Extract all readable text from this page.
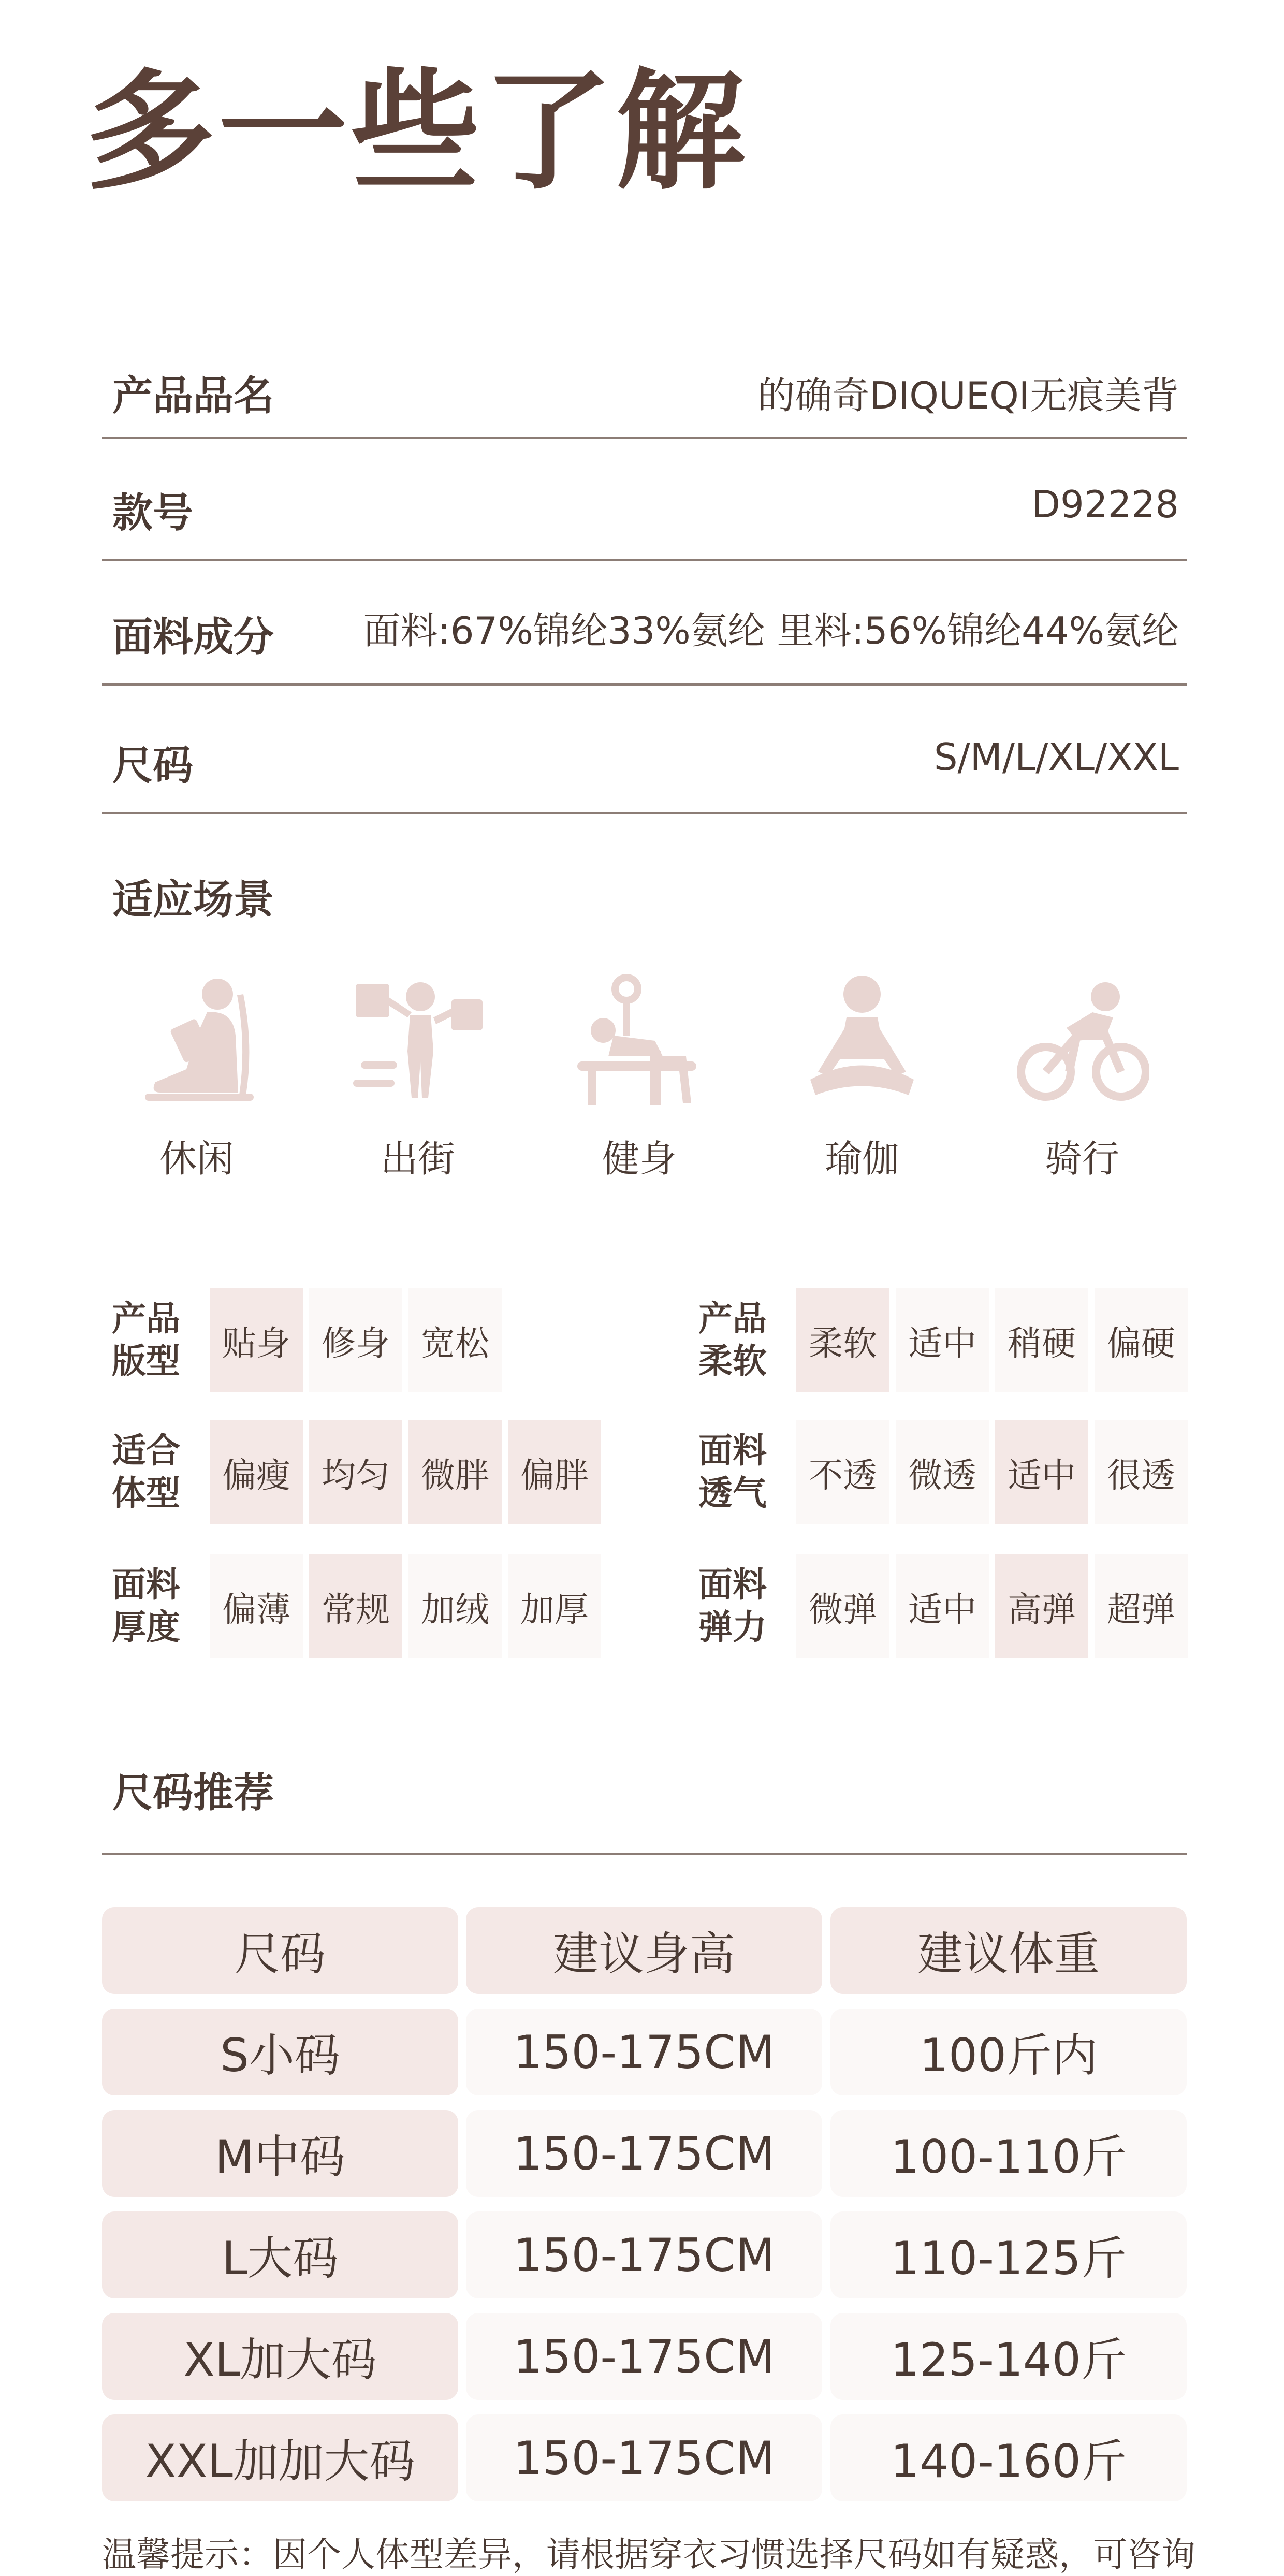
多一些了解
产品品名	的确奇DIQUEQI无痕美背
款号	D92228
面料成分 面料:67%锦纶33%氨纶 里料:56%锦纶44%氨纶
尺码	S/M/L/XL/XXL
适应场景
休闲	出街	健身	瑜伽	骑行
产品
版型	贴身 修身 宽松
产品
柔软	柔软 适中 稍硬 偏硬
适合
体型	偏瘦 均匀 微胖 偏胖
面料
透气	不透 微透 适中 很透
面料
厚度	偏薄 常规 加绒 加厚
面料
弹力	微弹 适中 高弹 超弹
尺码推荐
尺码	建议身高	建议体重
S小码	150-175CM	100斤内
M中码	150-175CM	100-110斤
L大码	150-175CM	110-125斤
XL加大码	150-175CM	125-140斤
XXL加加大码	150-175CM	140-160斤
温馨提示：因个人体型差异，请根据穿衣习惯选择尺码如有疑惑，可咨询
